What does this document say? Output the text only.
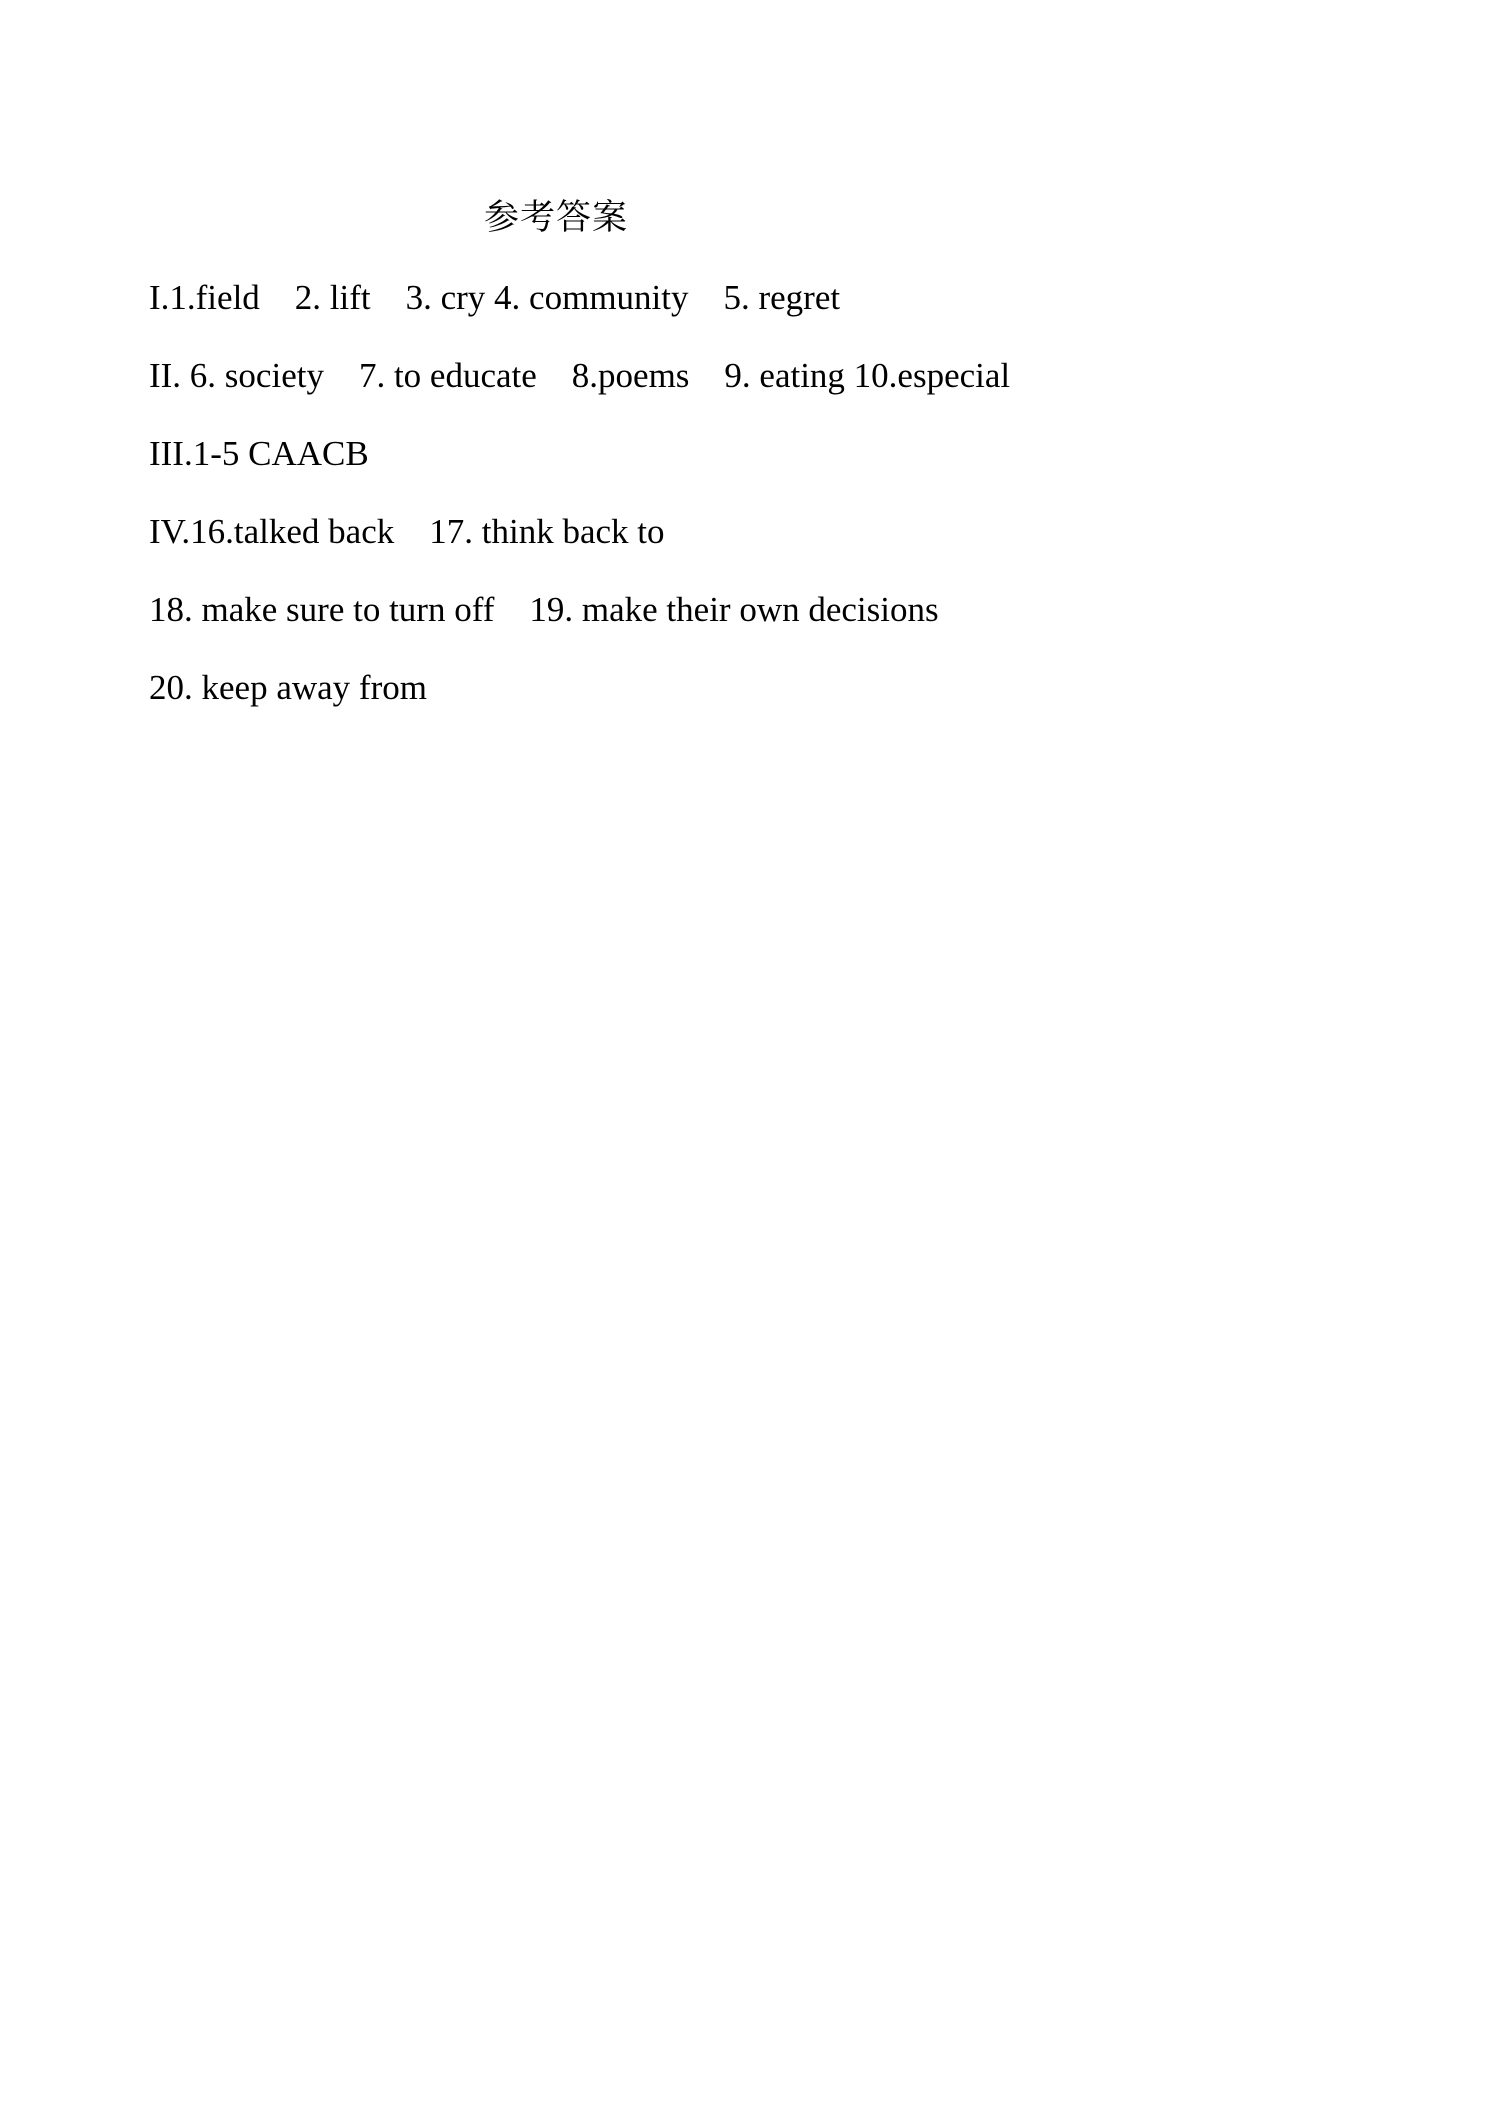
参考答案
I.1.field    2. lift    3. cry 4. community    5. regret
II. 6. society    7. to educate    8.poems    9. eating 10.especial
III.1-5 CAACB
IV.16.talked back    17. think back to
18. make sure to turn off    19. make their own decisions
20. keep away from
